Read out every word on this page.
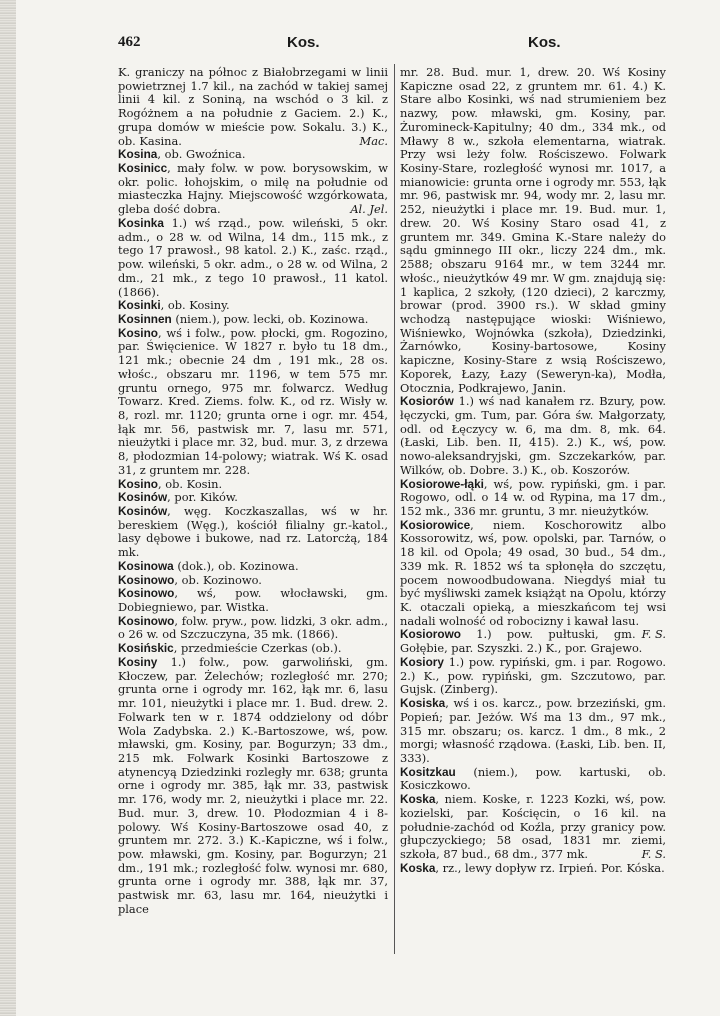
462	Kos.	Kos.

K. graniczy na północ z Białobrzegami w linii powietrznej 1.7 kil., na zachód w takiej samej linii 4 kil. z Soniną, na wschód o 3 kil. z Rogóżnem a na południe z Gaciem. 2.) K., grupa domów w mieście pow. Sokalu. 3.) K., ob. Kasina.	Mac.

Kosina, ob. Gwoźnica.

Kosinicc, mały folw. w pow. borysowskim, w okr. polic. łohojskim, o milę na południe od miasteczka Hajny. Miejscowość wzgórkowata, gleba dość dobra.	Al. Jel.

Kosinka 1.) wś rząd., pow. wileński, 5 okr. adm., o 28 w. od Wilna, 14 dm., 115 mk., z tego 17 prawosł., 98 katol. 2.) K., zaśc. rząd., pow. wileński, 5 okr. adm., o 28 w. od Wilna, 2 dm., 21 mk., z tego 10 prawosł., 11 katol. (1866).

Kosinki, ob. Kosiny.

Kosinnen (niem.), pow. lecki, ob. Kozinowa.

Kosino, wś i folw., pow. płocki, gm. Rogozino, par. Święcienice. W 1827 r. było tu 18 dm., 121 mk.; obecnie 24 dm , 191 mk., 28 os. włośc., obszaru mr. 1196, w tem 575 mr. gruntu ornego, 975 mr. folwarcz. Według Towarz. Kred. Ziems. folw. K., od rz. Wisły w. 8, rozl. mr. 1120; grunta orne i ogr. mr. 454, łąk mr. 56, pastwisk mr. 7, lasu mr. 571, nieużytki i place mr. 32, bud. mur. 3, z drzewa 8, płodozmian 14-polowy; wiatrak. Wś K. osad 31, z gruntem mr. 228.

Kosino, ob. Kosin.

Kosinów, por. Kików.

Kosinów, węg. Koczkaszallas, wś w hr. bereskiem (Węg.), kościół filialny gr.-katol., lasy dębowe i bukowe, nad rz. Latorcżą, 184 mk.

Kosinowa (dok.), ob. Kozinowa.

Kosinowo, ob. Kozinowo.

Kosinowo, wś, pow. włocławski, gm. Dobiegniewo, par. Wistka.

Kosinowo, folw. pryw., pow. lidzki, 3 okr. adm., o 26 w. od Szczuczyna, 35 mk. (1866).

Kosińskic, przedmieście Czerkas (ob.).

Kosiny 1.) folw., pow. garwoliński, gm. Kłoczew, par. Żelechów; rozległość mr. 270; grunta orne i ogrody mr. 162, łąk mr. 6, lasu mr. 101, nieużytki i place mr. 1. Bud. drew. 2. Folwark ten w r. 1874 oddzielony od dóbr Wola Zadybska. 2.) K.-Bartoszowe, wś, pow. mławski, gm. Kosiny, par. Bogurzyn; 33 dm., 215 mk. Folwark Kosinki Bartoszowe z atynencyą Dziedzinki rozległy mr. 638; grunta orne i ogrody mr. 385, łąk mr. 33, pastwisk mr. 176, wody mr. 2, nieużytki i place mr. 22. Bud. mur. 3, drew. 10. Płodozmian 4 i 8-polowy. Wś Kosiny-Bartoszowe osad 40, z gruntem mr. 272. 3.) K.-Kapiczne, wś i folw., pow. mławski, gm. Kosiny, par. Bogurzyn; 21 dm., 191 mk.; rozległość folw. wynosi mr. 680, grunta orne i ogrody mr. 388, łąk mr. 37, pastwisk mr. 63, lasu mr. 164, nieużytki i place

mr. 28. Bud. mur. 1, drew. 20. Wś Kosiny Kapiczne osad 22, z gruntem mr. 61. 4.) K. Stare albo Kosinki, wś nad strumieniem bez nazwy, pow. mławski, gm. Kosiny, par. Żuromineck-Kapitulny; 40 dm., 334 mk., od Mławy 8 w., szkoła elementarna, wiatrak. Przy wsi leży folw. Rościszewo. Folwark Kosiny-Stare, rozległość wynosi mr. 1017, a mianowicie: grunta orne i ogrody mr. 553, łąk mr. 96, pastwisk mr. 94, wody mr. 2, lasu mr. 252, nieużytki i place mr. 19. Bud. mur. 1, drew. 20. Wś Kosiny Staro osad 41, z gruntem mr. 349. Gmina K.-Stare należy do sądu gminnego III okr., liczy 224 dm., mk. 2588; obszaru 9164 mr., w tem 3244 mr. włośc., nieużytków 49 mr. W gm. znajdują się: 1 kaplica, 2 szkoły, (120 dzieci), 2 karczmy, browar (prod. 3900 rs.). W skład gminy wchodzą następujące wioski: Wiśniewo, Wiśniewko, Wojnówka (szkoła), Dziedzinki, Żarnówko, Kosiny-bartosowe, Kosiny kapiczne, Kosiny-Stare z wsią Rościszewo, Koporek, Łazy, Łazy (Seweryn-ka), Modła, Otocznia, Podkrajewo, Janin.

Kosiorów 1.) wś nad kanałem rz. Bzury, pow. łęczycki, gm. Tum, par. Góra św. Małgorzaty, odl. od Łęczycy w. 6, ma dm. 8, mk. 64. (Łaski, Lib. ben. II, 415). 2.) K., wś, pow. nowo-aleksandryjski, gm. Szczekarków, par. Wilków, ob. Dobre. 3.) K., ob. Koszorów.

Kosiorowe-łąki, wś, pow. rypiński, gm. i par. Rogowo, odl. o 14 w. od Rypina, ma 17 dm., 152 mk., 336 mr. gruntu, 3 mr. nieużytków.

Kosiorowice, niem. Koschorowitz albo Kossorowitz, wś, pow. opolski, par. Tarnów, o 18 kil. od Opola; 49 osad, 30 bud., 54 dm., 339 mk. R. 1852 wś ta spłonęła do szczętu, pocem nowoodbudowana. Niegdyś miał tu być myśliwski zamek książąt na Opolu, którzy K. otaczali opieką, a mieszkańcom tej wsi nadali wolność od robocizny i kawał lasu.
F. S.

Kosiorowo 1.) pow. pułtuski, gm. Gołębie, par. Szyszki. 2.) K., por. Grajewo.

Kosiory 1.) pow. rypiński, gm. i par. Rogowo. 2.) K., pow. rypiński, gm. Szczutowo, par. Gujsk. (Zinberg).

Kosiska, wś i os. karcz., pow. brzeziński, gm. Popień; par. Jeżów. Wś ma 13 dm., 97 mk., 315 mr. obszaru; os. karcz. 1 dm., 8 mk., 2 morgi; własność rządowa. (Łaski, Lib. ben. II, 333).

Kositzkau (niem.), pow. kartuski, ob. Kosiczkowo.

Koska, niem. Koske, r. 1223 Kozki, wś, pow. kozielski, par. Kościęcin, o 16 kil. na południe-zachód od Koźla, przy granicy pow. głupczyckiego; 58 osad, 1831 mr. ziemi, szkoła, 87 bud., 68 dm., 377 mk.	F. S.

Koska, rz., lewy dopływ rz. Irpień. Por. Kóska.
